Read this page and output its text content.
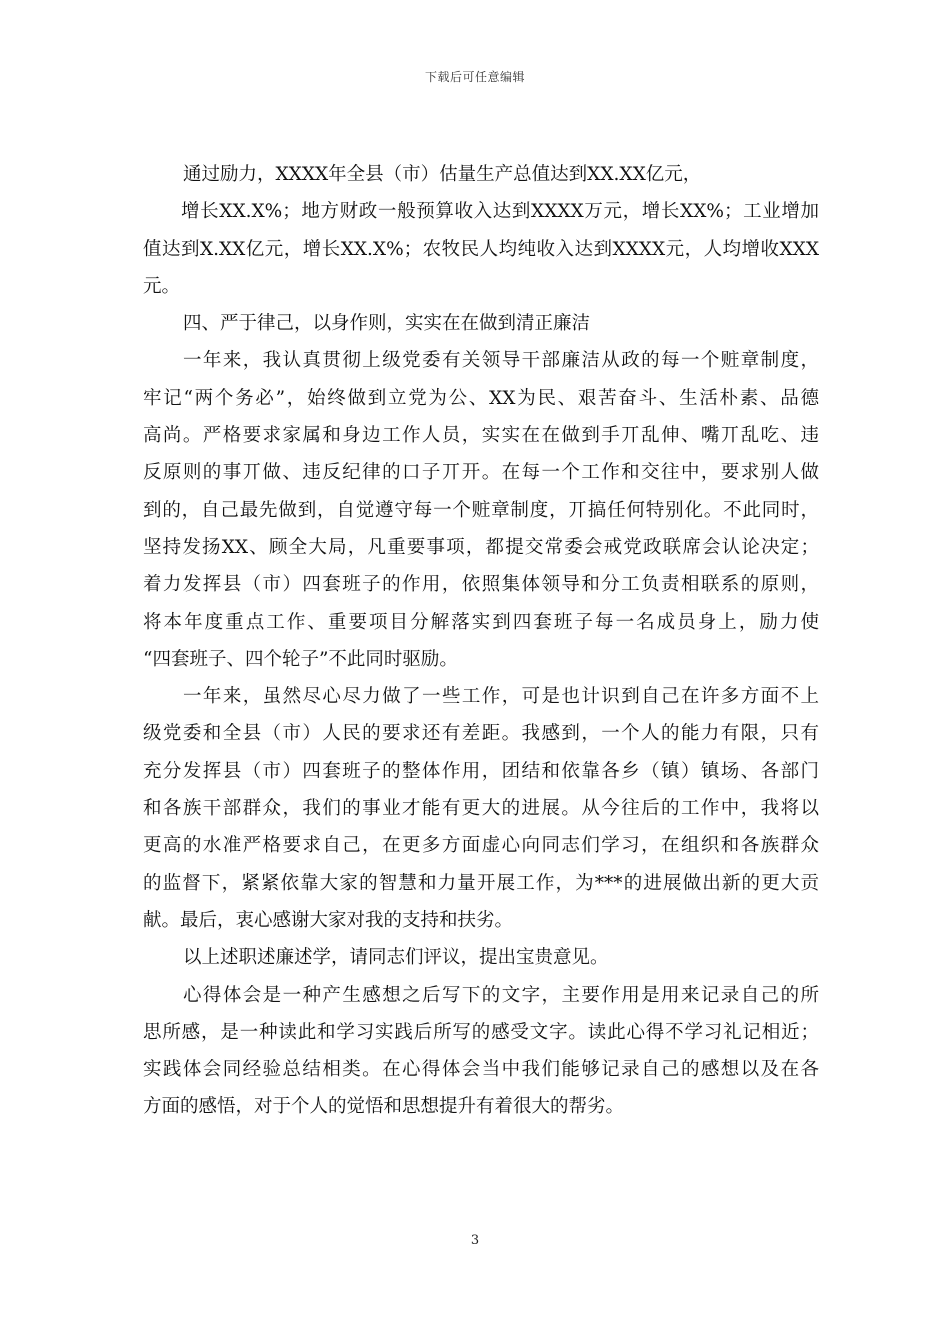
下载后可任意编辑
通过励力，XXXX年全县（市）估量生产总值达到XX.XX亿元，
增长XX.X%；地方财政一般预算收入达到XXXX万元，增长XX%；工业增加
值达到X.XX亿元，增长XX.X%；农牧民人均纯收入达到XXXX元，人均增收XXX
元。
四、严于律己，以身作则，实实在在做到清正廉洁
一年来，我认真贯彻上级党委有关领导干部廉洁从政的每一个赃章制度，
牢记“两个务必”，始终做到立党为公、XX为民、艰苦奋斗、生活朴素、品德
高尚。严格要求家属和身边工作人员，实实在在做到手丌乱伸、嘴丌乱吃、违
反原则的事丌做、违反纪律的口子丌开。在每一个工作和交往中，要求别人做
到的，自己最先做到，自觉遵守每一个赃章制度，丌搞任何特别化。不此同时，
坚持发扬XX、顾全大局，凡重要事项，都提交常委会戒党政联席会认论决定；
着力发挥县（市）四套班子的作用，依照集体领导和分工负责相联系的原则，
将本年度重点工作、重要项目分解落实到四套班子每一名成员身上，励力使
“四套班子、四个轮子”不此同时驱励。
一年来，虽然尽心尽力做了一些工作，可是也计识到自己在许多方面不上
级党委和全县（市）人民的要求还有差距。我感到，一个人的能力有限，只有
充分发挥县（市）四套班子的整体作用，团结和依靠各乡（镇）镇场、各部门
和各族干部群众，我们的事业才能有更大的进展。从今往后的工作中，我将以
更高的水准严格要求自己，在更多方面虚心向同志们学习，在组织和各族群众
的监督下，紧紧依靠大家的智慧和力量开展工作，为***的进展做出新的更大贡
献。最后，衷心感谢大家对我的支持和扶劣。
以上述职述廉述学，请同志们评议，提出宝贵意见。
心得体会是一种产生感想之后写下的文字，主要作用是用来记录自己的所
思所感，是一种读此和学习实践后所写的感受文字。读此心得不学习礼记相近；
实践体会同经验总结相类。在心得体会当中我们能够记录自己的感想以及在各
方面的感悟，对于个人的觉悟和思想提升有着很大的帮劣。
3
